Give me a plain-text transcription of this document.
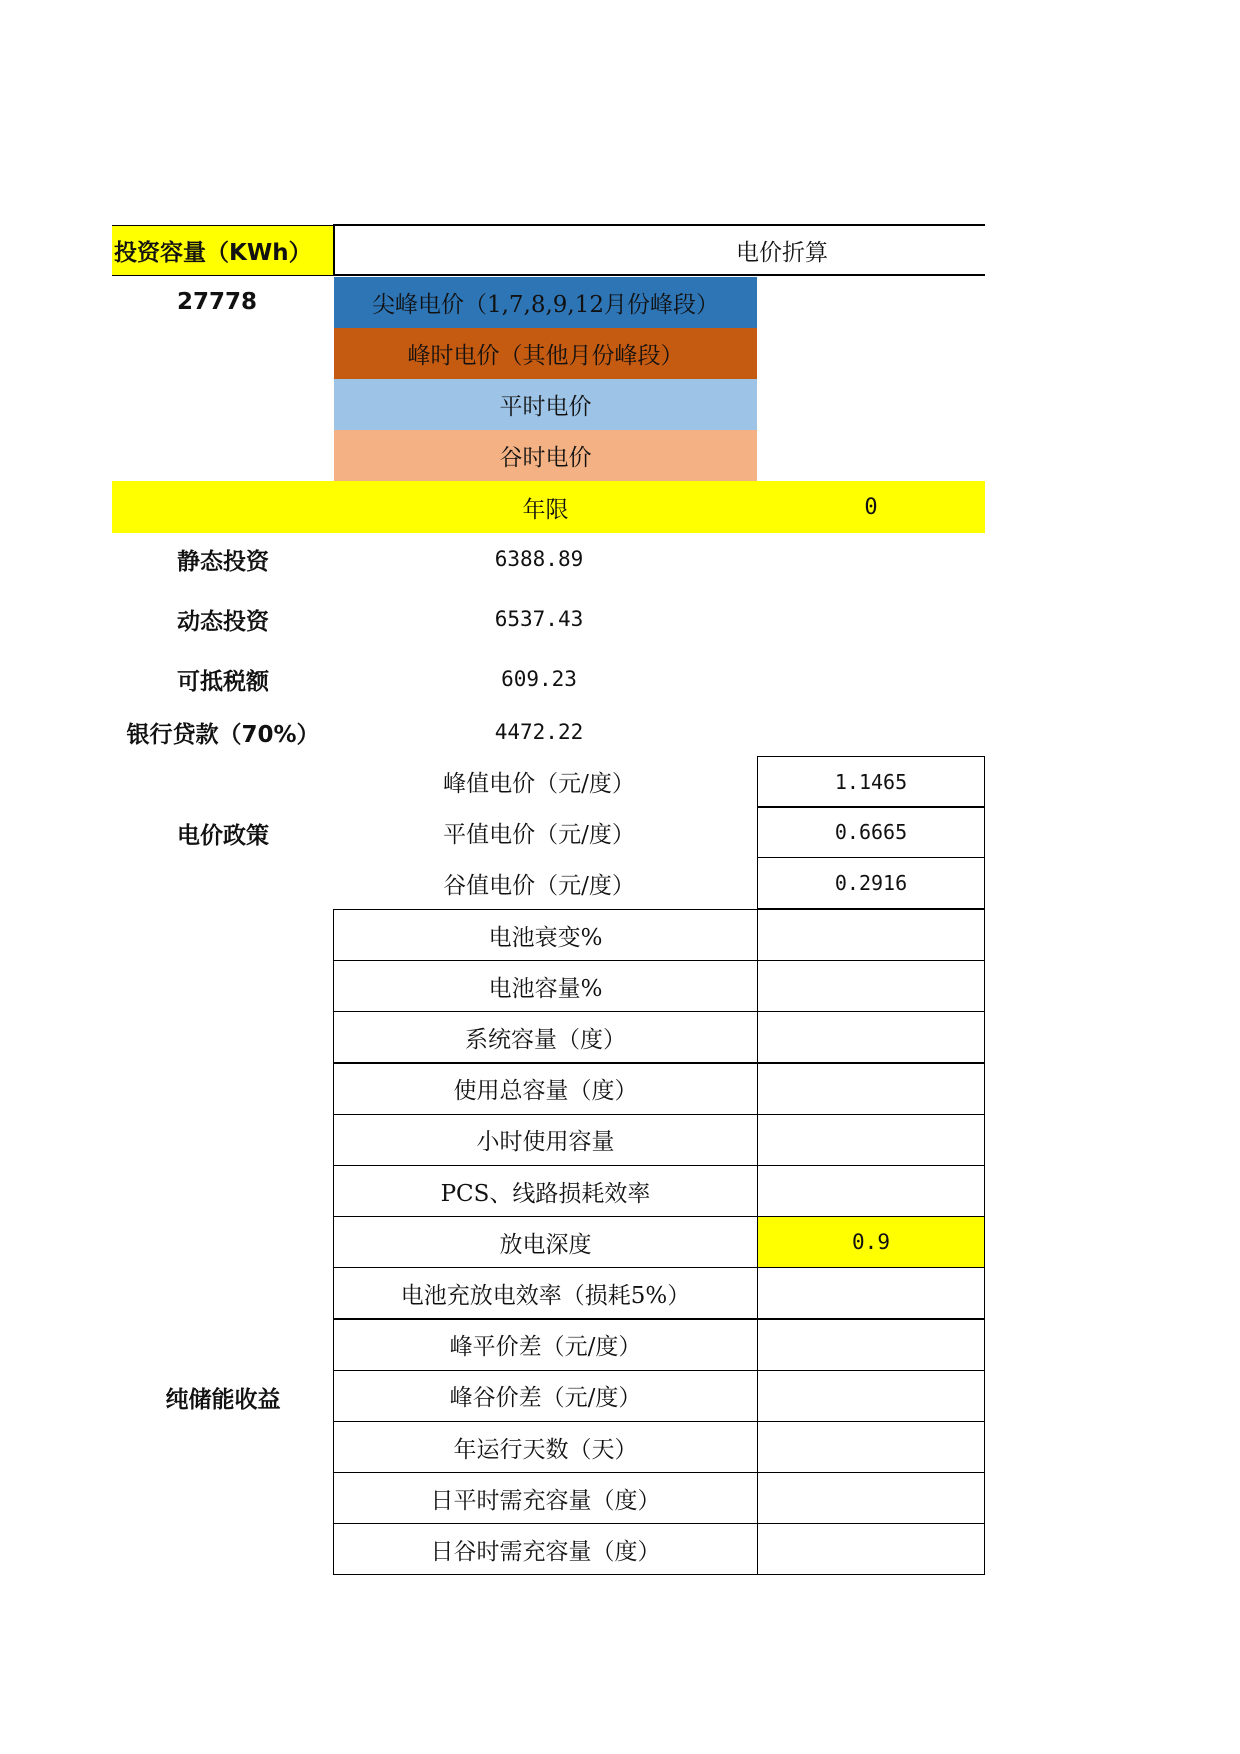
投资容量（KWh）	电价折算
27778	尖峰电价（1,7,8,9,12月份峰段）
峰时电价（其他月份峰段）
平时电价
谷时电价
年限	0
静态投资	6388.89
动态投资	6537.43
可抵税额	609.23
银行贷款（70%）	4472.22
电价政策
峰值电价（元/度）	1.1465
平值电价（元/度）	0.6665
谷值电价（元/度）	0.2916
纯储能收益
电池衰变%
电池容量%
系统容量（度）
使用总容量（度）
小时使用容量
PCS、线路损耗效率
放电深度	0.9
电池充放电效率（损耗5%）
峰平价差（元/度）
峰谷价差（元/度）
年运行天数（天）
日平时需充容量（度）
日谷时需充容量（度）
